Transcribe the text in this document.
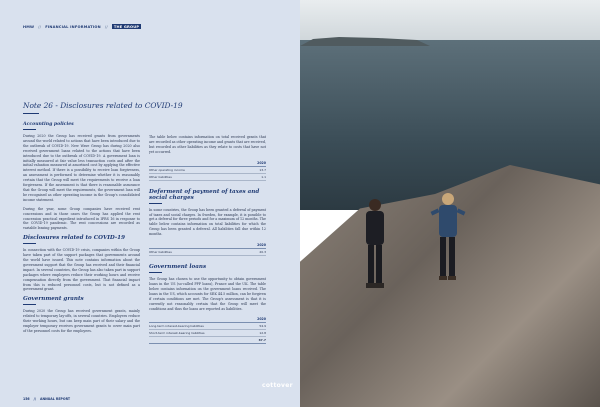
HMW // FINANCIAL INFORMATION //	THE GROUP
Note 26 - Disclosures related to COVID-19
Accounting policies

During 2020 the Group has received grants from governments around the world related to actions that have been introduced due to the outbreak of COVID-19. New Wave Group has during 2020 also received government loans related to the actions that have been introduced due to the outbreak of COVID-19. A government loan is initially measured at fair value less transaction costs and after the initial valuation measured at amortised cost by applying the effective interest method. If there is a possibility to receive loan forgiveness, an assessment is performed to determine whether it is reasonably certain that the Group will meet the requirements to receive a loan forgiveness. If the assessment is that there is reasonable assurance that the Group will meet the requirements, the government loan will be recognised as other operating income in the Group's consolidated income statement.

During the year, some Group companies have received rent concessions and in those cases the Group has applied the rent concession practical expedient introduced in IFRS 16 in response to the COVID-19 pandemic. The rent concessions are recorded as variable leasing payments.

Disclosures related to COVID-19

In connection with the COVID-19 crisis, companies within the Group have taken part of the support packages that governments around the world have issued. This note contains information about the government support that the Group has received and their financial impact. In several countries, the Group has also taken part in support packages where employees reduce their working hours and receive compensation directly from the government. That financial impact from this is reduced personnel costs, but is not defined as a government grant.

Government grants

During 2020 the Group has received government grants, mainly related to temporary lay-offs, in several countries. Employees reduce their working hours, but can keep main part of their salary and the employer temporary receives government grants to cover main part of the personnel costs for the employees.

The table below contains information on total received grants that are recorded as other operating income and grants that are received, but recorded as other liabilities as they relate to costs that have not yet occurred.

2020
Other operating income	13.7
Other liabilities	1.1
Deferment of payment of taxes and social charges

In some countries, the Group has been granted a deferral of payment of taxes and social charges. In Sweden, for example, it is possible to get a deferral for three periods and for a maximum of 12 months. The table below contains information on total liabilities for which the Group has been granted a deferral. All liabilities fall due within 12 months.

2020
Other liabilities	20.3
Government loans

The Group has chosen to use the opportunity to obtain government loans in the US (so-called PPP loans), France and the UK. The table below contains information on the government loans received. The loans in the US, which accounts for SEK 44.5 million, can be forgiven if certain conditions are met. The Group's assessment is that it is currently not reasonably certain that the Group will meet the conditions and thus the loans are reported as liabilities.

2020
Long-term interest-bearing liabilities	54.9
Short-term interest-bearing liabilities	12.8
67.7
156 // ANNUAL REPORT
cottover
